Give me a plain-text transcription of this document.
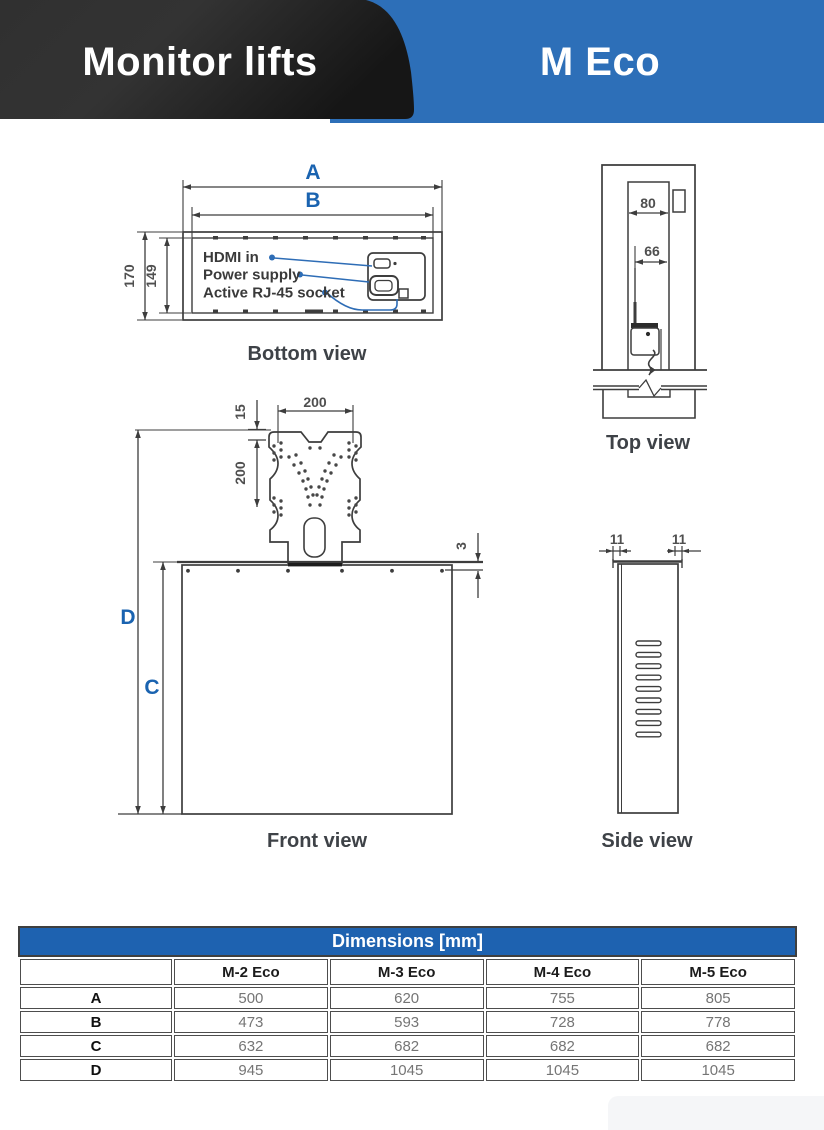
Monitor lifts	M Eco
A
B
170 149
HDMI in
Power supply
Active RJ-45 socket
Bottom view
80
66
Top view
200
15
200
3
D
C
Front view
11	11
Side view
Dimensions [mm]
	M-2 Eco	M-3 Eco	M-4 Eco	M-5 Eco
A	500	620	755	805
B	473	593	728	778
C	632	682	682	682
D	945	1045	1045	1045
